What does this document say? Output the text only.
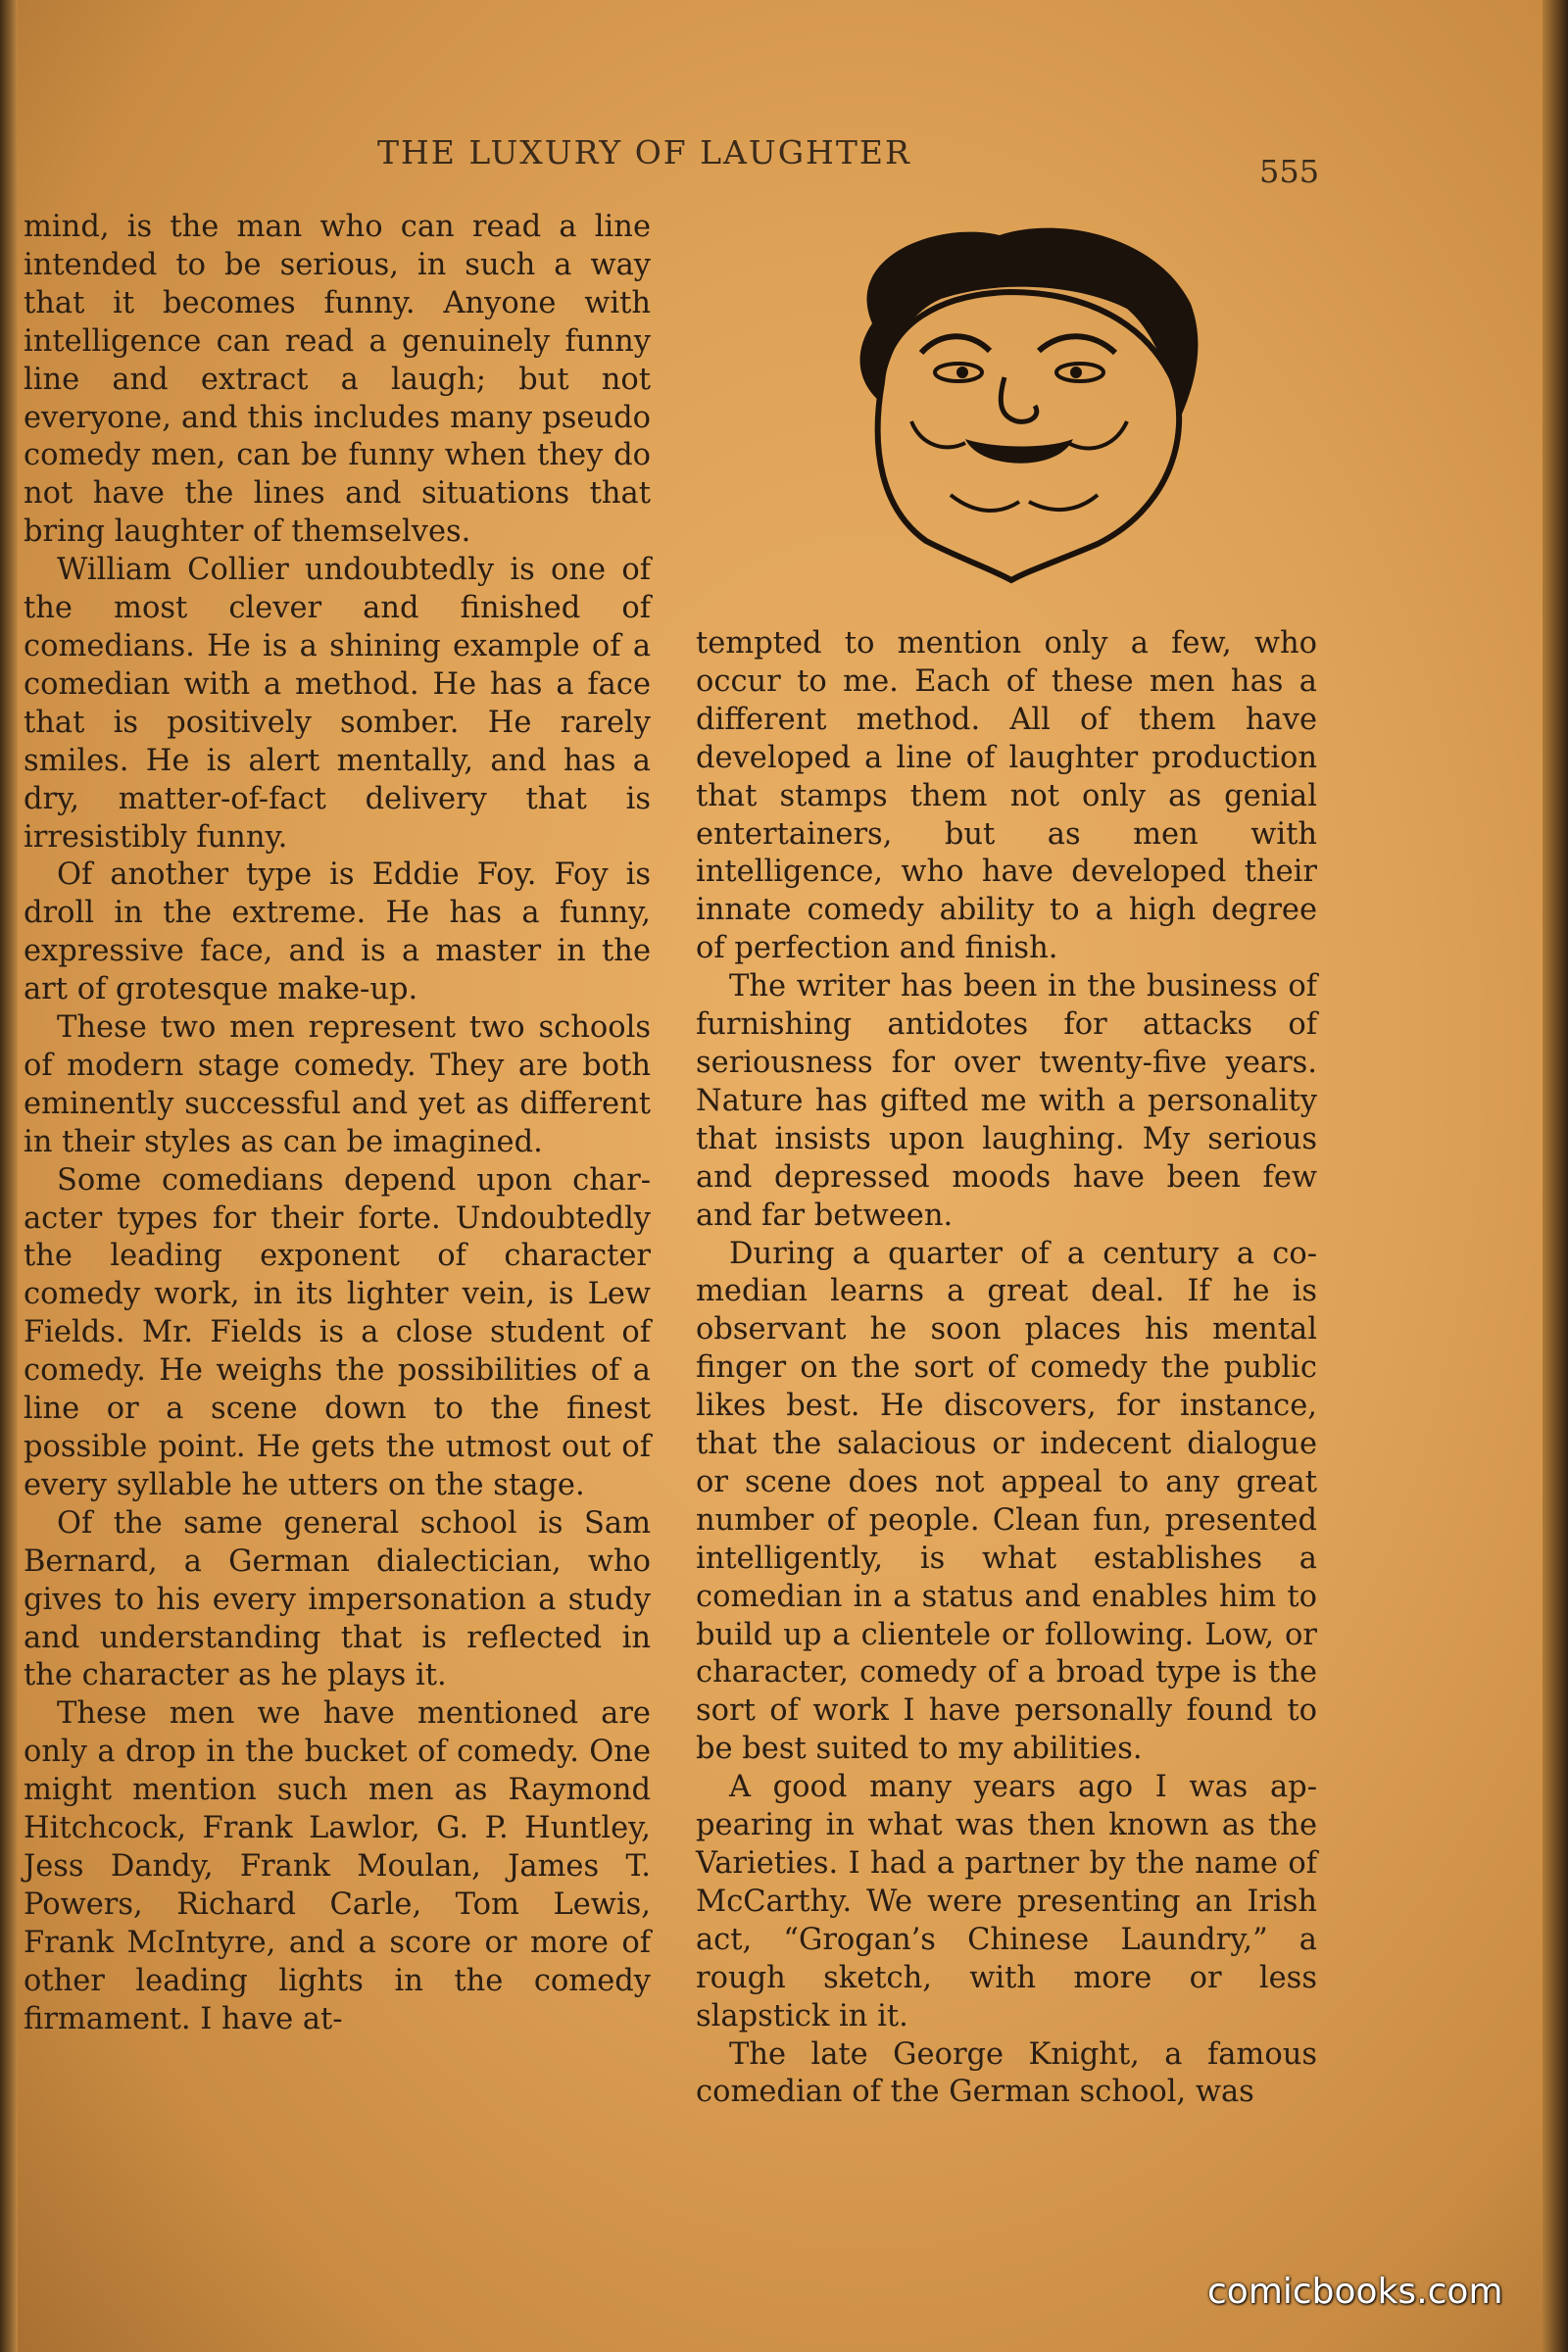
THE LUXURY OF LAUGHTER	555

mind, is the man who can read a line intended to be serious, in such a way that it becomes funny. Anyone with intelligence can read a genuinely funny line and extract a laugh; but not everyone, and this includes many pseudo comedy men, can be funny when they do not have the lines and situations that bring laughter of themselves.

William Collier undoubtedly is one of the most clever and finished of comedians. He is a shining example of a comedian with a method. He has a face that is positively somber. He rarely smiles. He is alert mentally, and has a dry, matter-of-fact delivery that is irresistibly funny.

Of another type is Eddie Foy. Foy is droll in the extreme. He has a funny, expressive face, and is a master in the art of grotesque make-up.

These two men represent two schools of modern stage comedy. They are both eminently successful and yet as different in their styles as can be imagined.

Some comedians depend upon character types for their forte. Undoubtedly the leading exponent of character comedy work, in its lighter vein, is Lew Fields. Mr. Fields is a close student of comedy. He weighs the possibilities of a line or a scene down to the finest possible point. He gets the utmost out of every syllable he utters on the stage.

Of the same general school is Sam Bernard, a German dialectician, who gives to his every impersonation a study and understanding that is reflected in the character as he plays it.

These men we have mentioned are only a drop in the bucket of comedy. One might mention such men as Raymond Hitchcock, Frank Lawlor, G. P. Huntley, Jess Dandy, Frank Moulan, James T. Powers, Richard Carle, Tom Lewis, Frank McIntyre, and a score or more of other leading lights in the comedy firmament. I have at-

tempted to mention only a few, who occur to me. Each of these men has a different method. All of them have developed a line of laughter production that stamps them not only as genial entertainers, but as men with intelligence, who have developed their innate comedy ability to a high degree of perfection and finish.

The writer has been in the business of furnishing antidotes for attacks of seriousness for over twenty-five years. Nature has gifted me with a personality that insists upon laughing. My serious and depressed moods have been few and far between.

During a quarter of a century a comedian learns a great deal. If he is observant he soon places his mental finger on the sort of comedy the public likes best. He discovers, for instance, that the salacious or indecent dialogue or scene does not appeal to any great number of people. Clean fun, presented intelligently, is what establishes a comedian in a status and enables him to build up a clientele or following. Low, or character, comedy of a broad type is the sort of work I have personally found to be best suited to my abilities.

A good many years ago I was appearing in what was then known as the Varieties. I had a partner by the name of McCarthy. We were presenting an Irish act, “Grogan’s Chinese Laundry,” a rough sketch, with more or less slapstick in it.

The late George Knight, a famous comedian of the German school, was

comicbooks.com
